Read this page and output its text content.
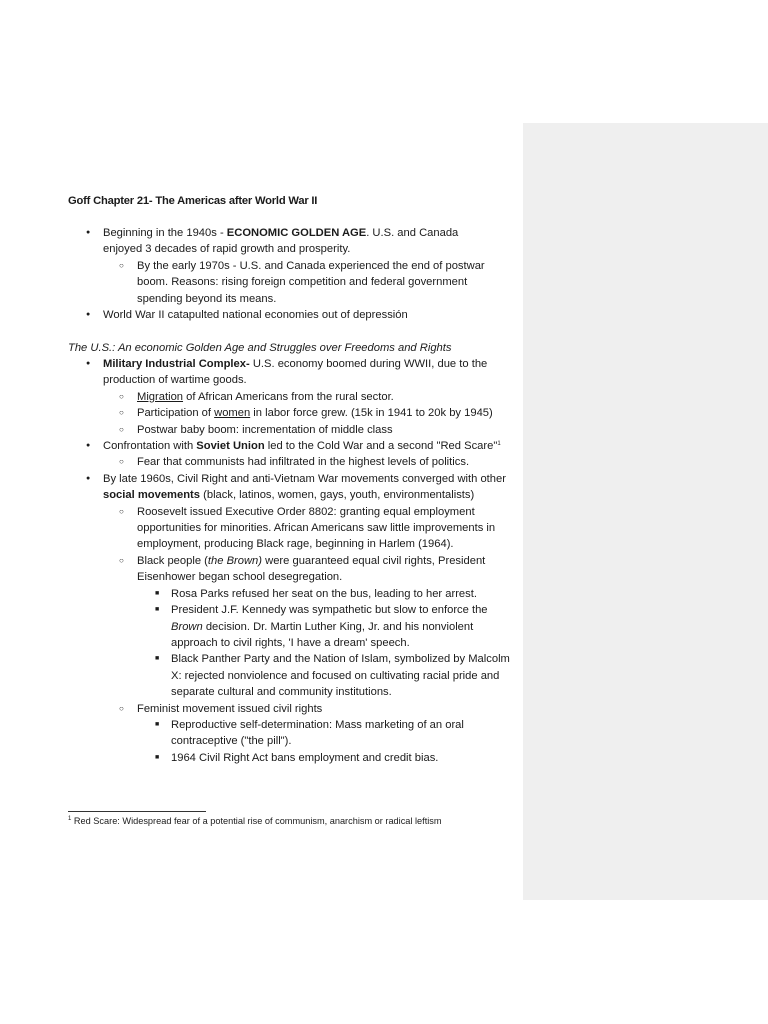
Goff Chapter 21- The Americas after World War II

● Beginning in the 1940s - ECONOMIC GOLDEN AGE. U.S. and Canada enjoyed 3 decades of rapid growth and prosperity.
○ By the early 1970s - U.S. and Canada experienced the end of postwar boom. Reasons: rising foreign competition and federal government spending beyond its means.
● World War II catapulted national economies out of depressión

The U.S.: An economic Golden Age and Struggles over Freedoms and Rights

● Military Industrial Complex- U.S. economy boomed during WWII, due to the production of wartime goods.
○ Migration of African Americans from the rural sector.
○ Participation of women in labor force grew. (15k in 1941 to 20k by 1945)
○ Postwar baby boom: incrementation of middle class
● Confrontation with Soviet Union led to the Cold War and a second "Red Scare"$^1$
○ Fear that communists had infiltrated in the highest levels of politics.
● By late 1960s, Civil Right and anti-Vietnam War movements converged with other social movements (black, latinos, women, gays, youth, environmentalists)
○ Roosevelt issued Executive Order 8802: granting equal employment opportunities for minorities. African Americans saw little improvements in employment, producing Black rage, beginning in Harlem (1964).
○ Black people (the Brown) were guaranteed equal civil rights, President Eisenhower began school desegregation.
■ Rosa Parks refused her seat on the bus, leading to her arrest.
■ President J.F. Kennedy was sympathetic but slow to enforce the Brown decision. Dr. Martin Luther King, Jr. and his nonviolent approach to civil rights, 'I have a dream' speech.
■ Black Panther Party and the Nation of Islam, symbolized by Malcolm X: rejected nonviolence and focused on cultivating racial pride and separate cultural and community institutions.
○ Feminist movement issued civil rights
■ Reproductive self-determination: Mass marketing of an oral contraceptive ("the pill").
■ 1964 Civil Right Act bans employment and credit bias.

$^1$ Red Scare: Widespread fear of a potential rise of communism, anarchism or radical leftism
